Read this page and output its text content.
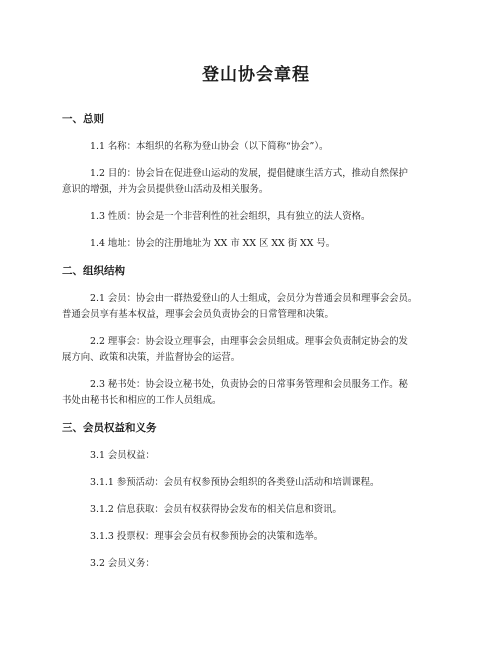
登山协会章程
一、总则

1.1 名称：本组织的名称为登山协会（以下简称“协会”）。

1.2 目的：协会旨在促进登山运动的发展，提倡健康生活方式，推动自然保护
意识的增强，并为会员提供登山活动及相关服务。

1.3 性质：协会是一个非营利性的社会组织，具有独立的法人资格。

1.4 地址：协会的注册地址为 XX 市 XX 区 XX 街 XX 号。

二、组织结构

2.1 会员：协会由一群热爱登山的人士组成，会员分为普通会员和理事会会员。
普通会员享有基本权益，理事会会员负责协会的日常管理和决策。

2.2 理事会：协会设立理事会，由理事会会员组成。理事会负责制定协会的发
展方向、政策和决策，并监督协会的运营。

2.3 秘书处：协会设立秘书处，负责协会的日常事务管理和会员服务工作。秘
书处由秘书长和相应的工作人员组成。

三、会员权益和义务

3.1 会员权益：

3.1.1 参预活动：会员有权参预协会组织的各类登山活动和培训课程。

3.1.2 信息获取：会员有权获得协会发布的相关信息和资讯。

3.1.3 投票权：理事会会员有权参预协会的决策和选举。

3.2 会员义务：
